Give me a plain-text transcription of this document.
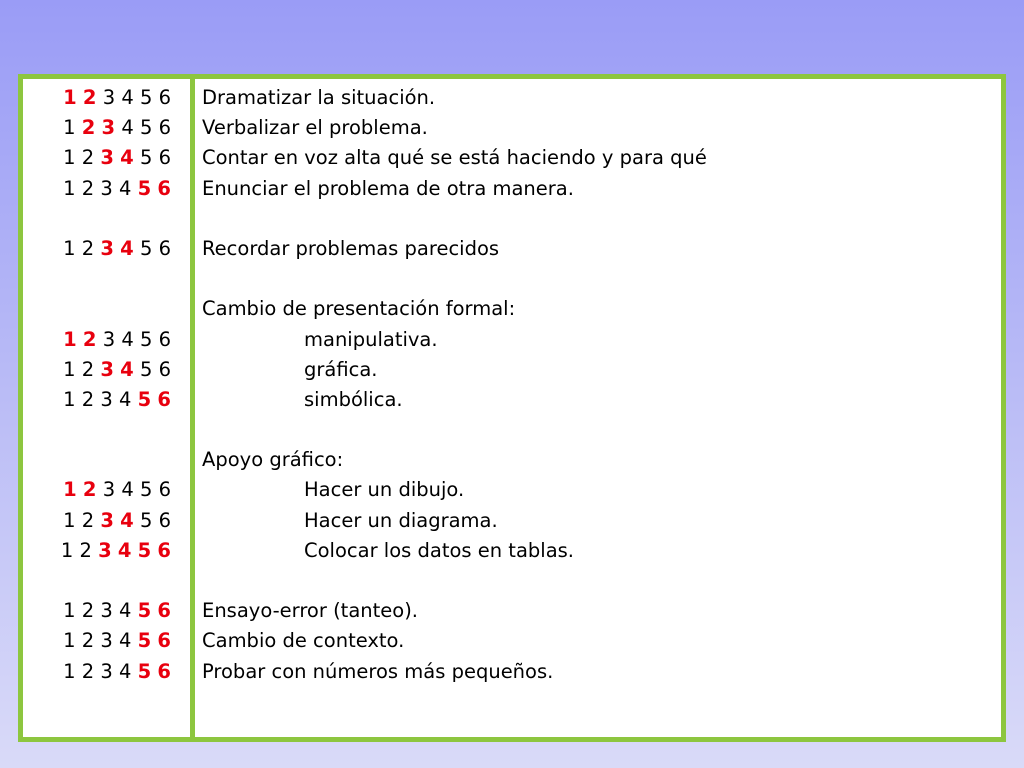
1 2 3 4 5 6
1 2 3 4 5 6
1 2 3 4 5 6
1 2 3 4 5 6
1 2 3 4 5 6
1 2 3 4 5 6
1 2 3 4 5 6
1 2 3 4 5 6
1 2 3 4 5 6
1 2 3 4 5 6
1 2 3 4 5 6
1 2 3 4 5 6
1 2 3 4 5 6
1 2 3 4 5 6
Dramatizar la situación.
Verbalizar el problema.
Contar en voz alta qué se está haciendo y para qué
Enunciar el problema de otra manera.
Recordar problemas parecidos
Cambio de presentación formal:
manipulativa.
gráfica.
simbólica.
Apoyo gráfico:
Hacer un dibujo.
Hacer un diagrama.
Colocar los datos en tablas.
Ensayo-error (tanteo).
Cambio de contexto.
Probar con números más pequeños.
